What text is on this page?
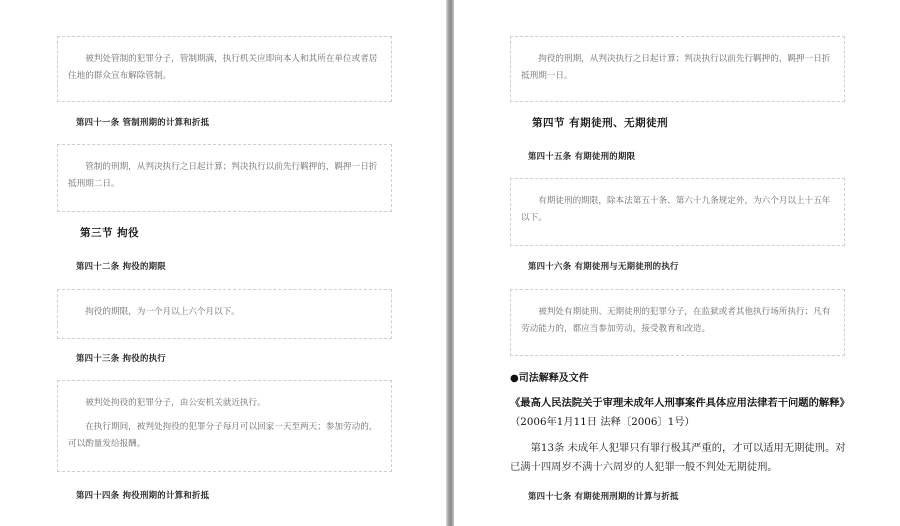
被判处管制的犯罪分子，管制期满，执行机关应即向本人和其所在单位或者居住地的群众宣布解除管制。

第四十一条 管制刑期的计算和折抵

管制的刑期，从判决执行之日起计算；判决执行以前先行羁押的，羁押一日折抵刑期二日。

第三节 拘役
第四十二条 拘役的期限

拘役的期限，为一个月以上六个月以下。

第四十三条 拘役的执行

被判处拘役的犯罪分子，由公安机关就近执行。

在执行期间，被判处拘役的犯罪分子每月可以回家一天至两天；参加劳动的，可以酌量发给报酬。

第四十四条 拘役刑期的计算和折抵

拘役的刑期，从判决执行之日起计算；判决执行以前先行羁押的，羁押一日折抵刑期一日。

第四节 有期徒刑、无期徒刑
第四十五条 有期徒刑的期限

有期徒刑的期限，除本法第五十条、第六十九条规定外，为六个月以上十五年以下。

第四十六条 有期徒刑与无期徒刑的执行

被判处有期徒刑、无期徒刑的犯罪分子，在监狱或者其他执行场所执行；凡有劳动能力的，都应当参加劳动，接受教育和改造。

●司法解释及文件
《最高人民法院关于审理未成年人刑事案件具体应用法律若干问题的解释》（2006年1月11日 法释〔2006〕1号）
第13条 未成年人犯罪只有罪行极其严重的，才可以适用无期徒刑。对已满十四周岁不满十六周岁的人犯罪一般不判处无期徒刑。
第四十七条 有期徒刑刑期的计算与折抵
